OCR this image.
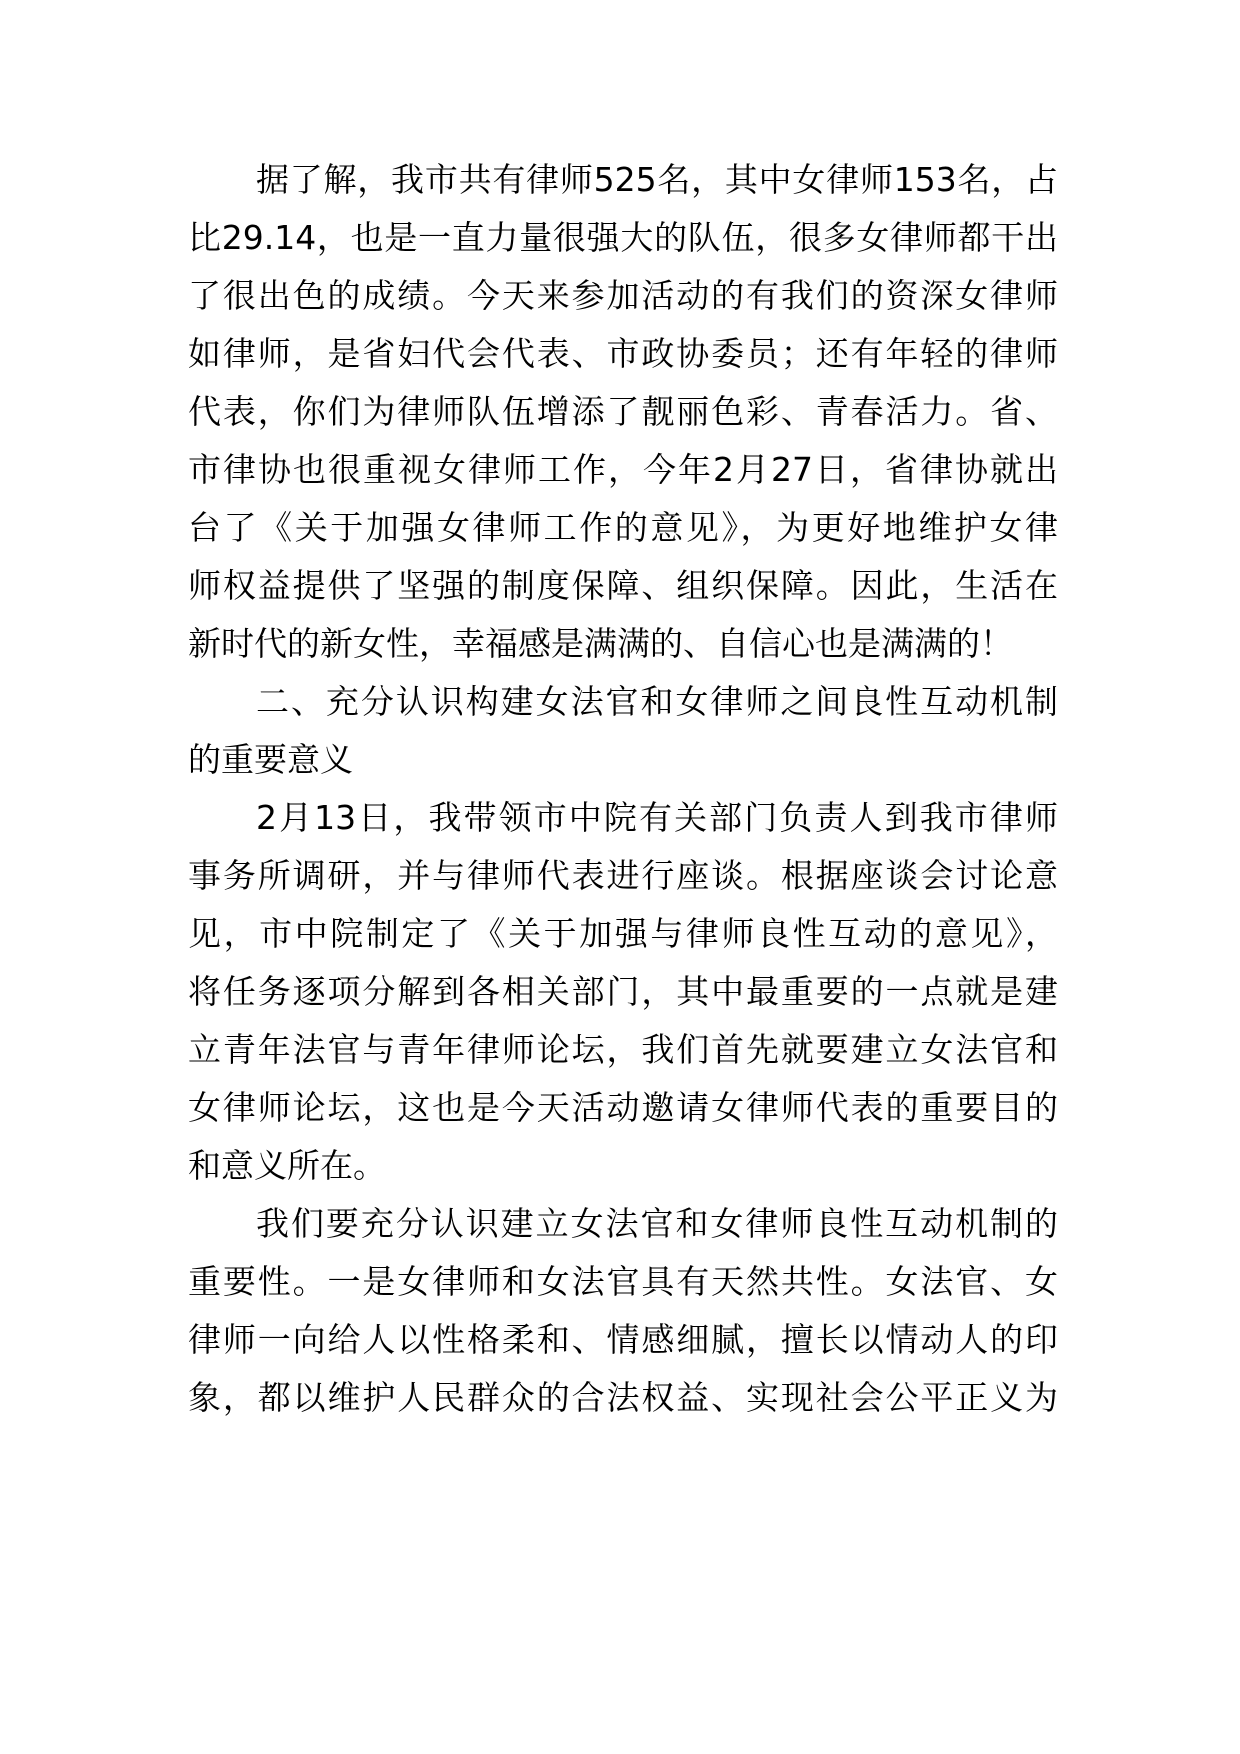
据了解，我市共有律师525名，其中女律师153名，占
比29.14，也是一直力量很强大的队伍，很多女律师都干出
了很出色的成绩。今天来参加活动的有我们的资深女律师
如律师，是省妇代会代表、市政协委员；还有年轻的律师
代表，你们为律师队伍增添了靓丽色彩、青春活力。省、
市律协也很重视女律师工作，今年2月27日，省律协就出
台了《关于加强女律师工作的意见》，为更好地维护女律
师权益提供了坚强的制度保障、组织保障。因此，生活在
新时代的新女性，幸福感是满满的、自信心也是满满的！
二、充分认识构建女法官和女律师之间良性互动机制
的重要意义
2月13日，我带领市中院有关部门负责人到我市律师
事务所调研，并与律师代表进行座谈。根据座谈会讨论意
见，市中院制定了《关于加强与律师良性互动的意见》，
将任务逐项分解到各相关部门，其中最重要的一点就是建
立青年法官与青年律师论坛，我们首先就要建立女法官和
女律师论坛，这也是今天活动邀请女律师代表的重要目的
和意义所在。
我们要充分认识建立女法官和女律师良性互动机制的
重要性。一是女律师和女法官具有天然共性。女法官、女
律师一向给人以性格柔和、情感细腻，擅长以情动人的印
象，都以维护人民群众的合法权益、实现社会公平正义为
